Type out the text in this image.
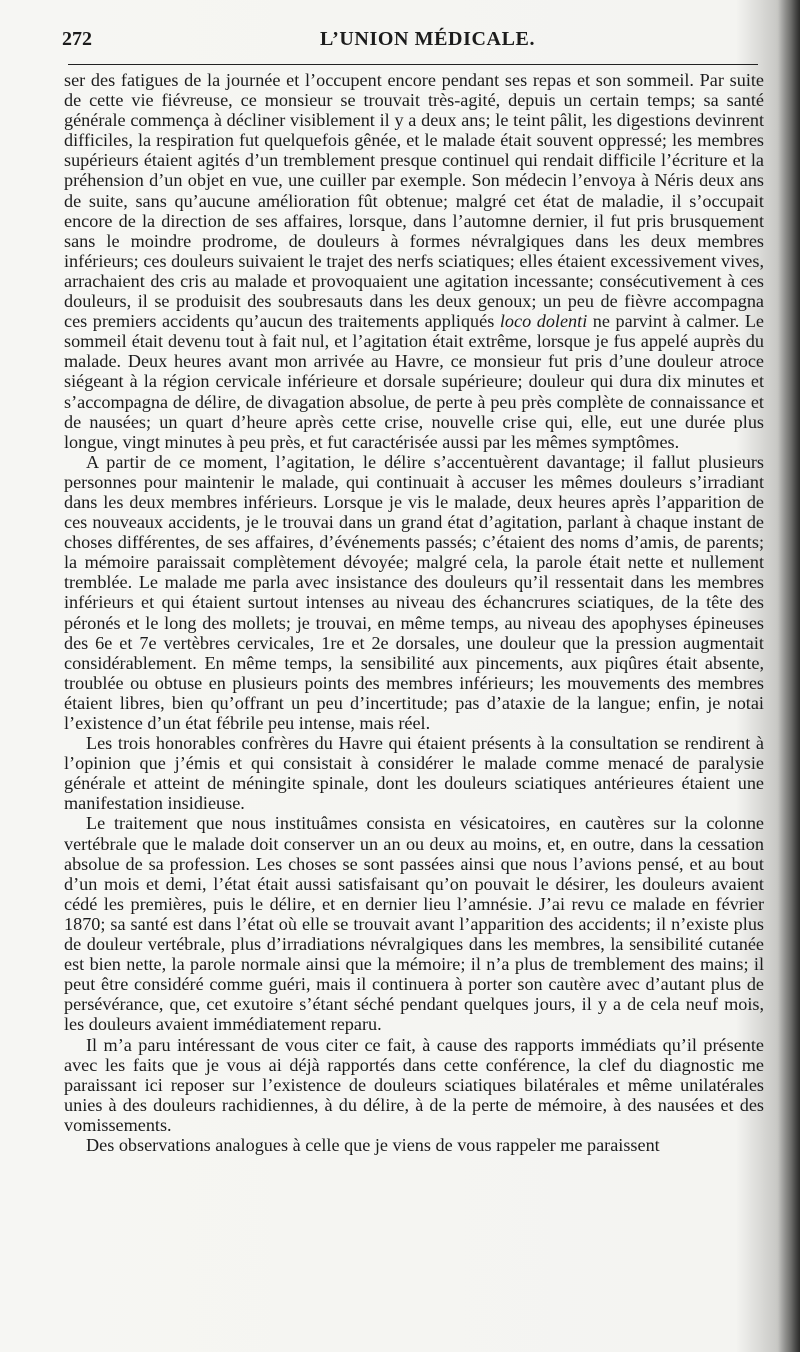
272	L’UNION MÉDICALE.

ser des fatigues de la journée et l’occupent encore pendant ses repas et son sommeil. Par suite de cette vie fiévreuse, ce monsieur se trouvait très-agité, depuis un certain temps; sa santé générale commença à décliner visiblement il y a deux ans; le teint pâlit, les digestions devinrent difficiles, la respiration fut quelquefois gênée, et le malade était souvent oppressé; les membres supérieurs étaient agités d’un tremblement presque continuel qui rendait difficile l’écriture et la préhension d’un objet en vue, une cuiller par exemple. Son médecin l’envoya à Néris deux ans de suite, sans qu’aucune amélioration fût obtenue; malgré cet état de maladie, il s’occupait encore de la direction de ses affaires, lorsque, dans l’automne dernier, il fut pris brusquement sans le moindre prodrome, de douleurs à formes névralgiques dans les deux membres inférieurs; ces douleurs suivaient le trajet des nerfs sciatiques; elles étaient excessivement vives, arrachaient des cris au malade et provoquaient une agitation incessante; consécutivement à ces douleurs, il se produisit des soubresauts dans les deux genoux; un peu de fièvre accompagna ces premiers accidents qu’aucun des traitements appliqués loco dolenti ne parvint à calmer. Le sommeil était devenu tout à fait nul, et l’agitation était extrême, lorsque je fus appelé auprès du malade. Deux heures avant mon arrivée au Havre, ce monsieur fut pris d’une douleur atroce siégeant à la région cervicale inférieure et dorsale supérieure; douleur qui dura dix minutes et s’accompagna de délire, de divagation absolue, de perte à peu près complète de connaissance et de nausées; un quart d’heure après cette crise, nouvelle crise qui, elle, eut une durée plus longue, vingt minutes à peu près, et fut caractérisée aussi par les mêmes symptômes.

A partir de ce moment, l’agitation, le délire s’accentuèrent davantage; il fallut plusieurs personnes pour maintenir le malade, qui continuait à accuser les mêmes douleurs s’irradiant dans les deux membres inférieurs. Lorsque je vis le malade, deux heures après l’apparition de ces nouveaux accidents, je le trouvai dans un grand état d’agitation, parlant à chaque instant de choses différentes, de ses affaires, d’événements passés; c’étaient des noms d’amis, de parents; la mémoire paraissait complètement dévoyée; malgré cela, la parole était nette et nullement tremblée. Le malade me parla avec insistance des douleurs qu’il ressentait dans les membres inférieurs et qui étaient surtout intenses au niveau des échancrures sciatiques, de la tête des péronés et le long des mollets; je trouvai, en même temps, au niveau des apophyses épineuses des 6e et 7e vertèbres cervicales, 1re et 2e dorsales, une douleur que la pression augmentait considérablement. En même temps, la sensibilité aux pincements, aux piqûres était absente, troublée ou obtuse en plusieurs points des membres inférieurs; les mouvements des membres étaient libres, bien qu’offrant un peu d’incertitude; pas d’ataxie de la langue; enfin, je notai l’existence d’un état fébrile peu intense, mais réel.

Les trois honorables confrères du Havre qui étaient présents à la consultation se rendirent à l’opinion que j’émis et qui consistait à considérer le malade comme menacé de paralysie générale et atteint de méningite spinale, dont les douleurs sciatiques antérieures étaient une manifestation insidieuse.

Le traitement que nous instituâmes consista en vésicatoires, en cautères sur la colonne vertébrale que le malade doit conserver un an ou deux au moins, et, en outre, dans la cessation absolue de sa profession. Les choses se sont passées ainsi que nous l’avions pensé, et au bout d’un mois et demi, l’état était aussi satisfaisant qu’on pouvait le désirer, les douleurs avaient cédé les premières, puis le délire, et en dernier lieu l’amnésie. J’ai revu ce malade en février 1870; sa santé est dans l’état où elle se trouvait avant l’apparition des accidents; il n’existe plus de douleur vertébrale, plus d’irradiations névralgiques dans les membres, la sensibilité cutanée est bien nette, la parole normale ainsi que la mémoire; il n’a plus de tremblement des mains; il peut être considéré comme guéri, mais il continuera à porter son cautère avec d’autant plus de persévérance, que, cet exutoire s’étant séché pendant quelques jours, il y a de cela neuf mois, les douleurs avaient immédiatement reparu.

Il m’a paru intéressant de vous citer ce fait, à cause des rapports immédiats qu’il présente avec les faits que je vous ai déjà rapportés dans cette conférence, la clef du diagnostic me paraissant ici reposer sur l’existence de douleurs sciatiques bilatérales et même unilatérales unies à des douleurs rachidiennes, à du délire, à de la perte de mémoire, à des nausées et des vomissements.

Des observations analogues à celle que je viens de vous rappeler me paraissent
